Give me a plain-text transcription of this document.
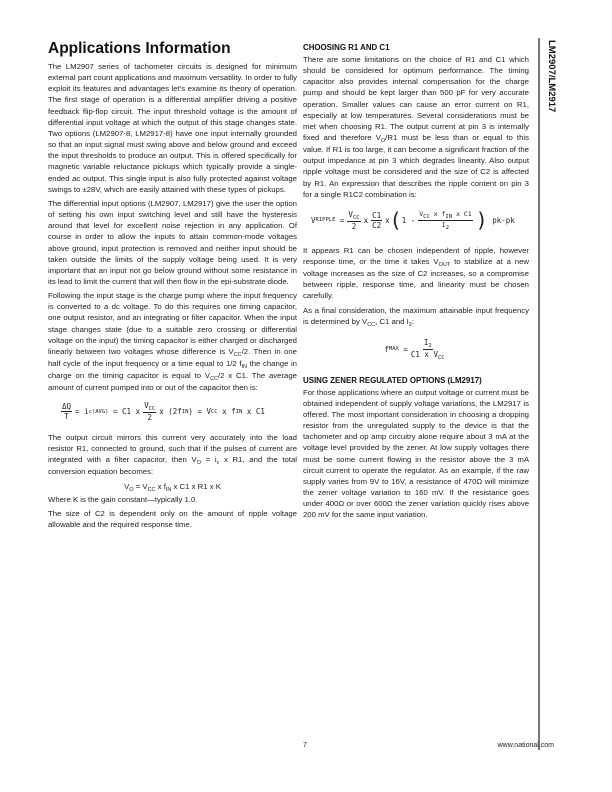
Applications Information

The LM2907 series of tachometer circuits is designed for minimum external part count applications and maximum versatility. In order to fully exploit its features and advantages let's examine its theory of operation. The first stage of operation is a differential amplifier driving a positive feedback flip-flop circuit. The input threshold voltage is the amount of differential input voltage at which the output of this stage changes state. Two options (LM2907-8, LM2917-8) have one input internally grounded so that an input signal must swing above and below ground and exceed the input thresholds to produce an output. This is offered specifically for magnetic variable reluctance pickups which typically provide a single-ended ac output. This single input is also fully protected against voltage swings to ±28V, which are easily attained with these types of pickups.

The differential input options (LM2907, LM2917) give the user the option of setting his own input switching level and still have the hysteresis around that level for excellent noise rejection in any application. Of course in order to allow the inputs to attain common-mode voltages above ground, input protection is removed and neither input should be taken outside the limits of the supply voltage being used. It is very important that an input not go below ground without some resistance in its lead to limit the current that will then flow in the epi-substrate diode.

Following the input stage is the charge pump where the input frequency is converted to a dc voltage. To do this requires one timing capacitor, one output resistor, and an integrating or filter capacitor. When the input stage changes state (due to a suitable zero crossing or differential voltage on the input) the timing capacitor is either charged or discharged linearly between two voltages whose difference is $V_{CC}/2$. Then in one half cycle of the input frequency or a time equal to 1/2 $f_{IN}$ the change in charge on the timing capacitor is equal to $V_{CC}/2$ x C1. The average amount of current pumped into or out of the capacitor then is:

$\frac{\Delta Q}{T} = i$ c(AVG)
= C1 x $\frac{V_{CC}}{2}$ x (2f IN ) = V CC
x f IN
x C1

The output circuit mirrors this current very accurately into the load resistor R1, connected to ground, such that if the pulses of current are integrated with a filter capacitor, then $V_O = i_c$ x R1, and the total conversion equation becomes:

$V_O = V_{CC}$ x $f_{IN}$ x C1 x R1 x K

Where K is the gain constant—typically 1.0.

The size of C2 is dependent only on the amount of ripple voltage allowable and the required response time.

CHOOSING R1 AND C1

There are some limitations on the choice of R1 and C1 which should be considered for optimum performance. The timing capacitor also provides internal compensation for the charge pump and should be kept larger than 500 pF for very accurate operation. Smaller values can cause an error current on R1, especially at low temperatures. Several considerations must be met when choosing R1. The output current at pin 3 is internally fixed and therefore $V_O/R1$ must be less than or equal to this value. If R1 is too large, it can become a significant fraction of the output impedance at pin 3 which degrades linearity. Also output ripple voltage must be considered and the size of C2 is affected by R1. An expression that describes the ripple content on pin 3 for a single R1C2 combination is:

V RIPPLE
= $\frac{V_{CC}}{2}$ x $\frac{C1}{C2}$ x ( $1 - \frac{V_{CC} x f_{IN} x C1}{I_2}$ )
pk-pk

It appears R1 can be chosen independent of ripple, however response time, or the time it takes $V_{OUT}$ to stabilize at a new voltage increases as the size of C2 increases, so a compromise between ripple, response time, and linearity must be chosen carefully.

As a final consideration, the maximum attainable input frequency is determined by $V_{CC}$, C1 and $I_2$:

f MAX
= $\frac{I_2}{C1 x V_{CC}}$
USING ZENER REGULATED OPTIONS (LM2917)

For those applications where an output voltage or current must be obtained independent of supply voltage variations, the LM2917 is offered. The most important consideration in choosing a dropping resistor from the unregulated supply to the device is that the tachometer and op amp circuitry alone require about 3 mA at the voltage level provided by the zener. At low supply voltages there must be some current flowing in the resistor above the 3 mA circuit current to operate the regulator. As an example, if the raw supply varies from 9V to 16V, a resistance of 470Ω will minimize the zener voltage variation to 160 mV. If the resistance goes under 400Ω or over 600Ω the zener variation quickly rises above 200 mV for the same input variation.

LM2907/LM2917
7	www.national.com
